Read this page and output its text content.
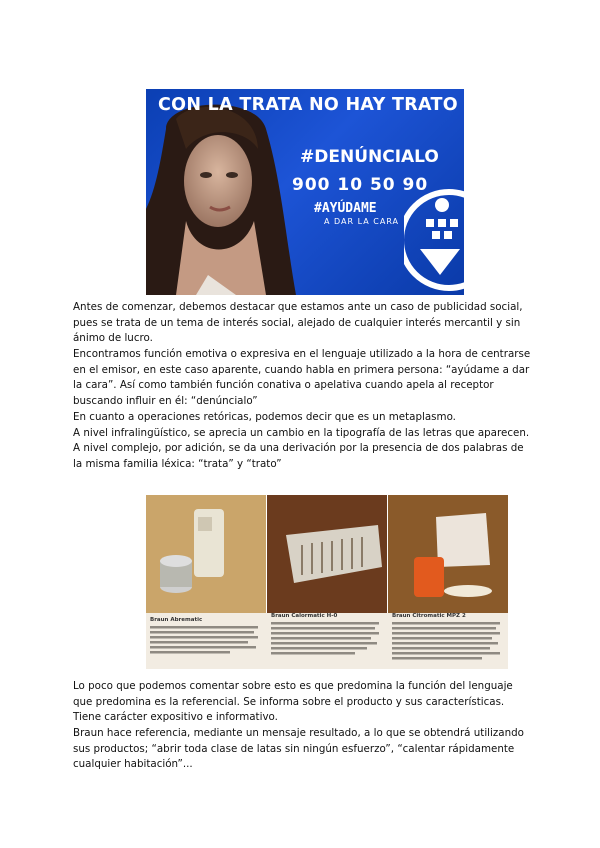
CON LA TRATA NO HAY TRATO
#DENÚNCIALO
900 10 50 90
#AYÚDAME
A DAR LA CARA

Antes de comenzar, debemos destacar que estamos ante un caso de publicidad social, pues se trata de un tema de interés social, alejado de cualquier interés mercantil y sin ánimo de lucro.

Encontramos función emotiva o expresiva en el lenguaje utilizado a la hora de centrarse en el emisor, en este caso aparente, cuando habla en primera persona: “ayúdame a dar la cara”. Así como también función conativa o apelativa cuando apela al receptor buscando influir en él: “denúncialo”

En cuanto a operaciones retóricas, podemos decir que es un metaplasmo.

A nivel infralingüístico, se aprecia un cambio en la tipografía de las letras que aparecen.

A nivel complejo, por adición, se da una derivación por la presencia de dos palabras de la misma familia léxica: “trata” y “trato”

Braun Abrematic
Braun Calormatic H-0	Braun Citromatic MPZ 2

Lo poco que podemos comentar sobre esto es que predomina la función del lenguaje que predomina es la referencial. Se informa sobre el producto y sus características. Tiene carácter expositivo e informativo.

Braun hace referencia, mediante un mensaje resultado, a lo que se obtendrá utilizando sus productos; “abrir toda clase de latas sin ningún esfuerzo”, “calentar rápidamente cualquier habitación”...
